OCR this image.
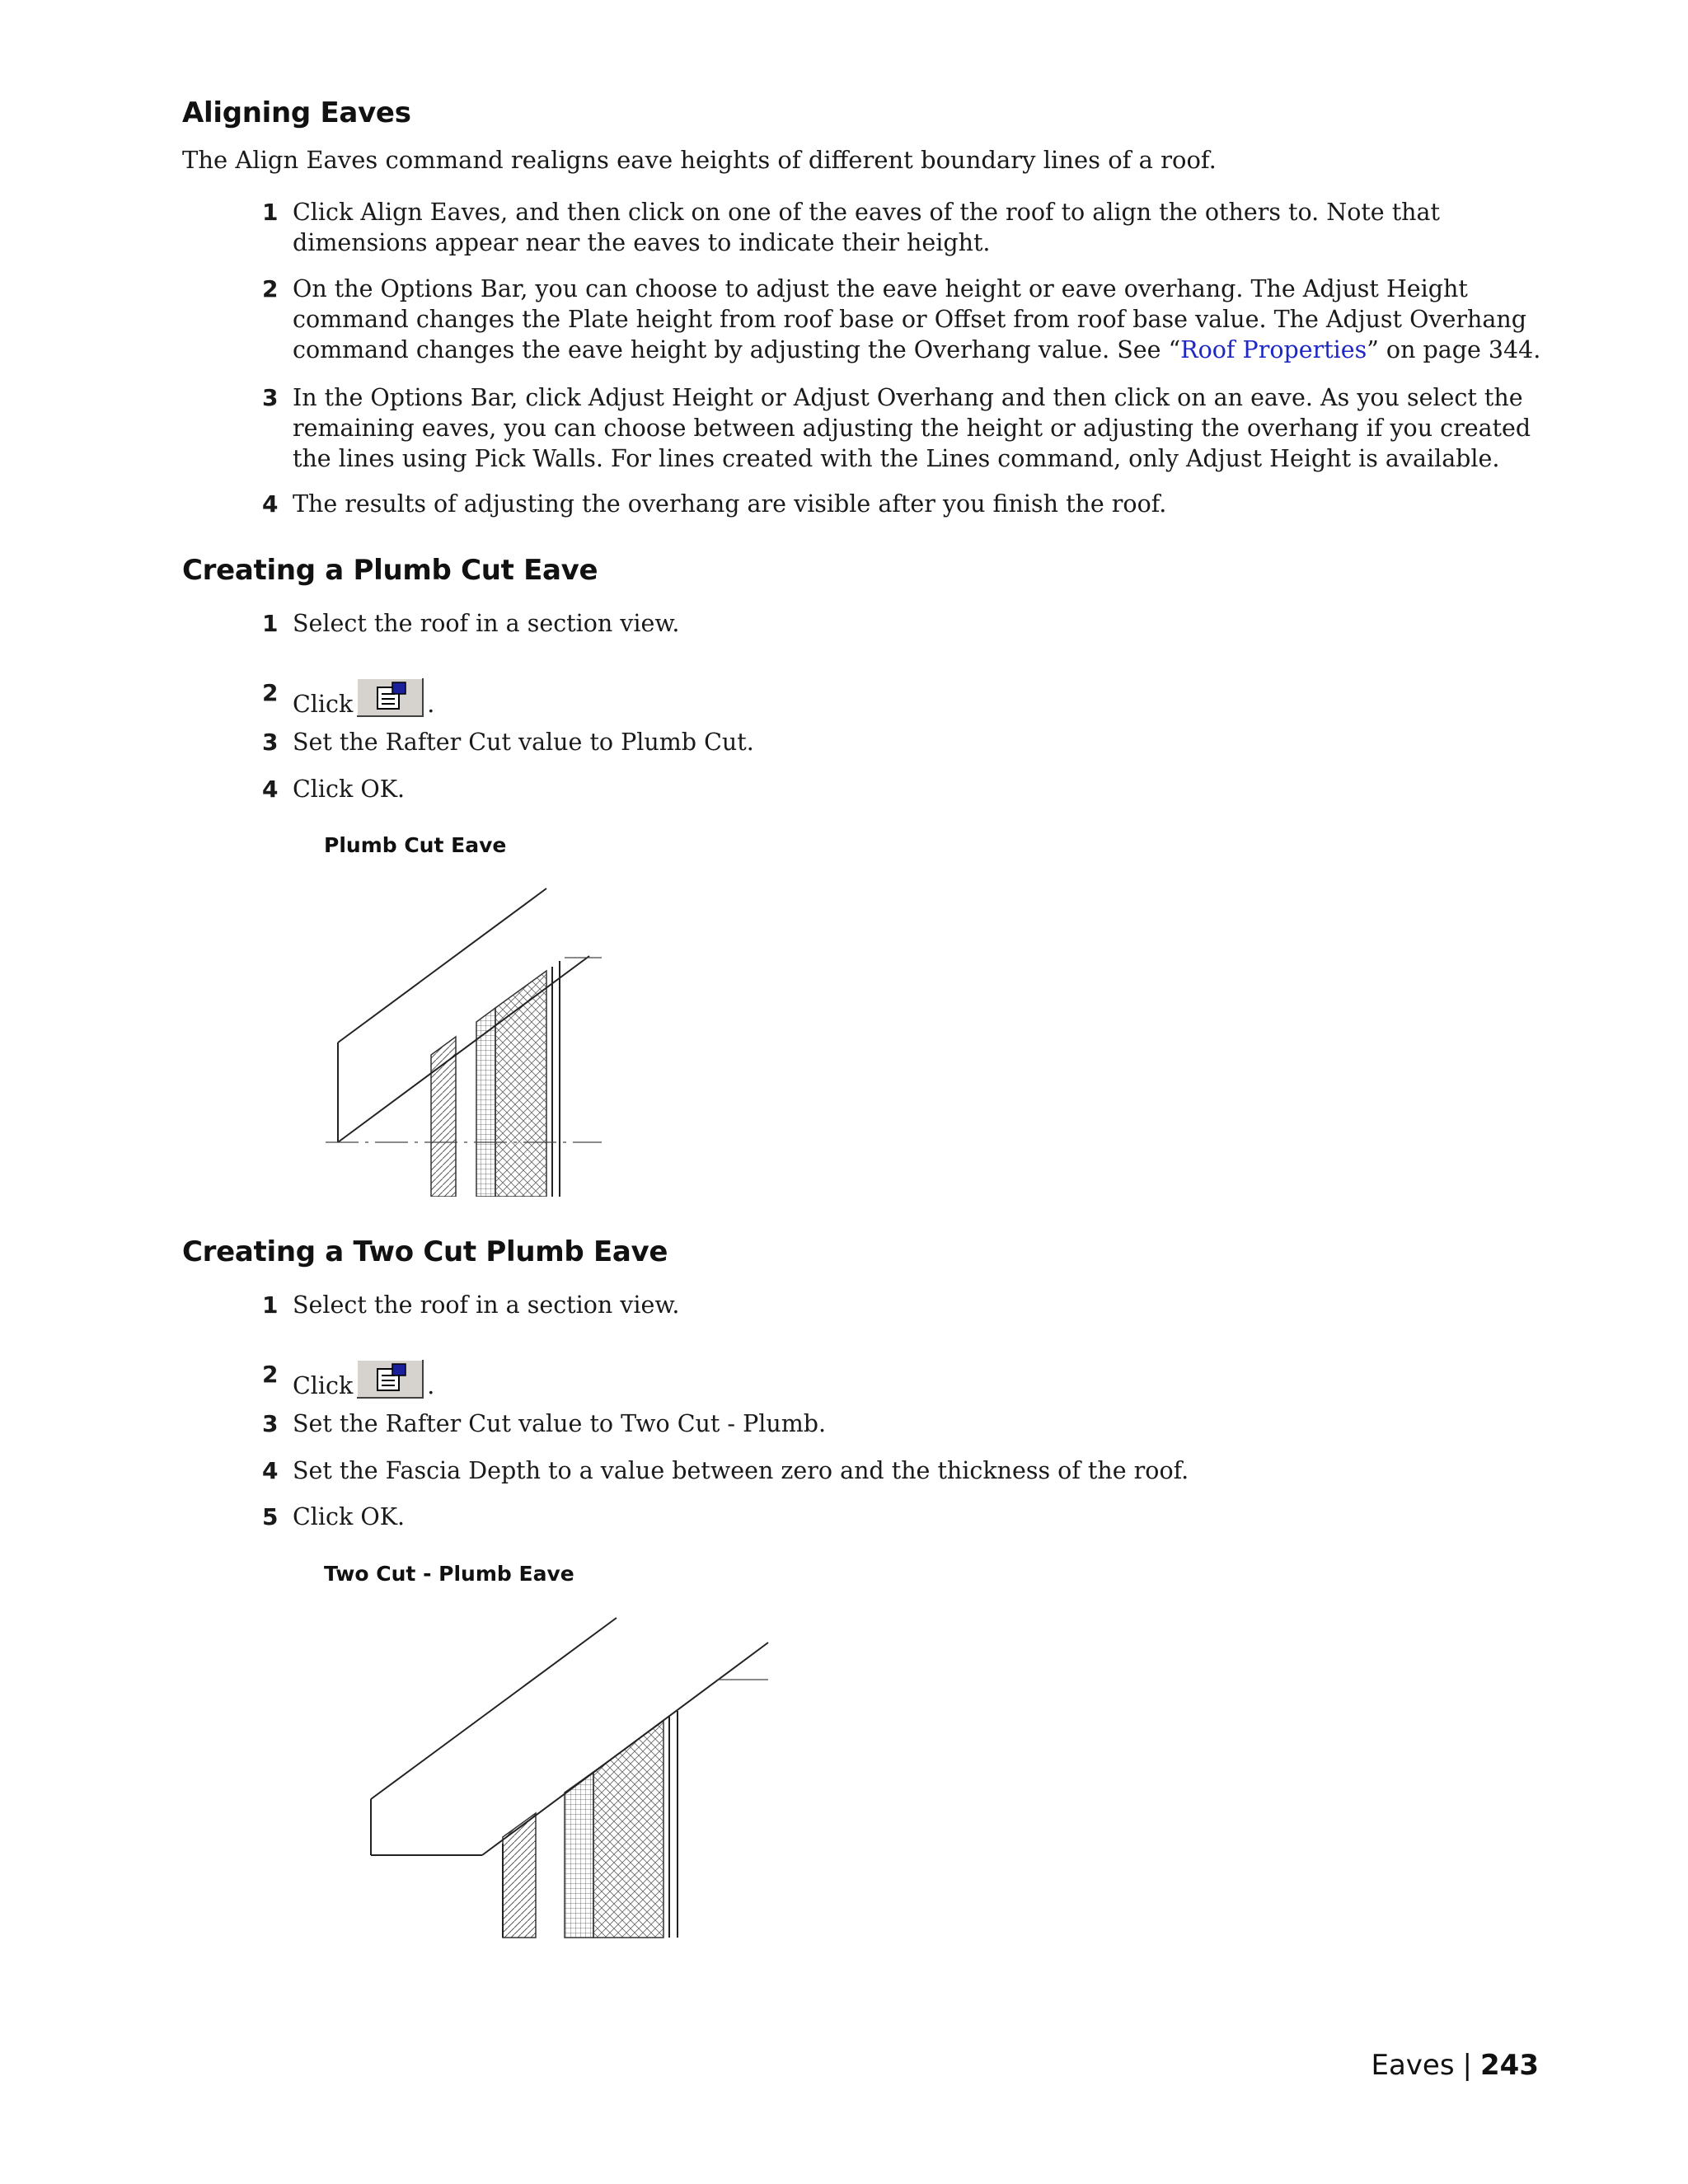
Aligning Eaves

The Align Eaves command realigns eave heights of different boundary lines of a roof.

1 Click Align Eaves, and then click on one of the eaves of the roof to align the others to. Note that dimensions appear near the eaves to indicate their height.
2 On the Options Bar, you can choose to adjust the eave height or eave overhang. The Adjust Height command changes the Plate height from roof base or Offset from roof base value. The Adjust Overhang command changes the eave height by adjusting the Overhang value. See “Roof Properties” on page 344.
3 In the Options Bar, click Adjust Height or Adjust Overhang and then click on an eave. As you select the remaining eaves, you can choose between adjusting the height or adjusting the overhang if you created the lines using Pick Walls. For lines created with the Lines command, only Adjust Height is available.
4 The results of adjusting the overhang are visible after you finish the roof.
Creating a Plumb Cut Eave
1 Select the roof in a section view.
2 Click	.
3 Set the Rafter Cut value to Plumb Cut.
4 Click OK.
Plumb Cut Eave
Creating a Two Cut Plumb Eave
1 Select the roof in a section view.
2 Click	.
3 Set the Rafter Cut value to Two Cut - Plumb.
4 Set the Fascia Depth to a value between zero and the thickness of the roof.
5 Click OK.
Two Cut - Plumb Eave
Eaves | 243
